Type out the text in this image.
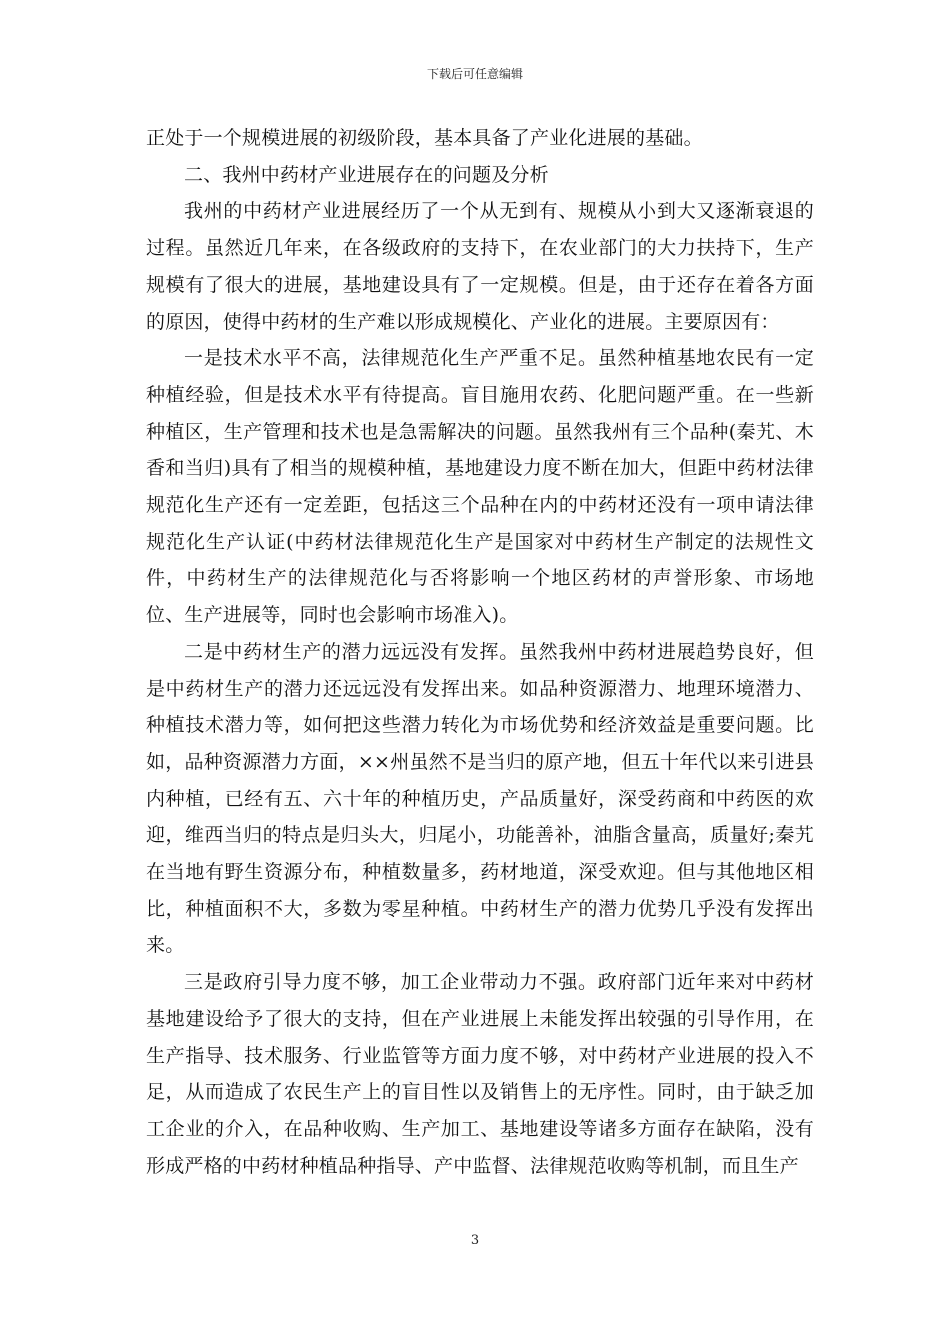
下载后可任意编辑

正处于一个规模进展的初级阶段，基本具备了产业化进展的基础。

二、我州中药材产业进展存在的问题及分析

我州的中药材产业进展经历了一个从无到有、规模从小到大又逐渐衰退的过程。虽然近几年来，在各级政府的支持下，在农业部门的大力扶持下，生产规模有了很大的进展，基地建设具有了一定规模。但是，由于还存在着各方面的原因，使得中药材的生产难以形成规模化、产业化的进展。主要原因有：

一是技术水平不高，法律规范化生产严重不足。虽然种植基地农民有一定种植经验，但是技术水平有待提高。盲目施用农药、化肥问题严重。在一些新种植区，生产管理和技术也是急需解决的问题。虽然我州有三个品种(秦艽、木香和当归)具有了相当的规模种植，基地建设力度不断在加大，但距中药材法律规范化生产还有一定差距，包括这三个品种在内的中药材还没有一项申请法律规范化生产认证(中药材法律规范化生产是国家对中药材生产制定的法规性文件，中药材生产的法律规范化与否将影响一个地区药材的声誉形象、市场地位、生产进展等，同时也会影响市场准入)。

二是中药材生产的潜力远远没有发挥。虽然我州中药材进展趋势良好，但是中药材生产的潜力还远远没有发挥出来。如品种资源潜力、地理环境潜力、种植技术潜力等，如何把这些潜力转化为市场优势和经济效益是重要问题。比如，品种资源潜力方面，××州虽然不是当归的原产地，但五十年代以来引进县内种植，已经有五、六十年的种植历史，产品质量好，深受药商和中药医的欢迎，维西当归的特点是归头大，归尾小，功能善补，油脂含量高，质量好;秦艽在当地有野生资源分布，种植数量多，药材地道，深受欢迎。但与其他地区相比，种植面积不大，多数为零星种植。中药材生产的潜力优势几乎没有发挥出来。

三是政府引导力度不够，加工企业带动力不强。政府部门近年来对中药材基地建设给予了很大的支持，但在产业进展上未能发挥出较强的引导作用，在生产指导、技术服务、行业监管等方面力度不够，对中药材产业进展的投入不足，从而造成了农民生产上的盲目性以及销售上的无序性。同时，由于缺乏加工企业的介入，在品种收购、生产加工、基地建设等诸多方面存在缺陷，没有形成严格的中药材种植品种指导、产中监督、法律规范收购等机制，而且生产

3
